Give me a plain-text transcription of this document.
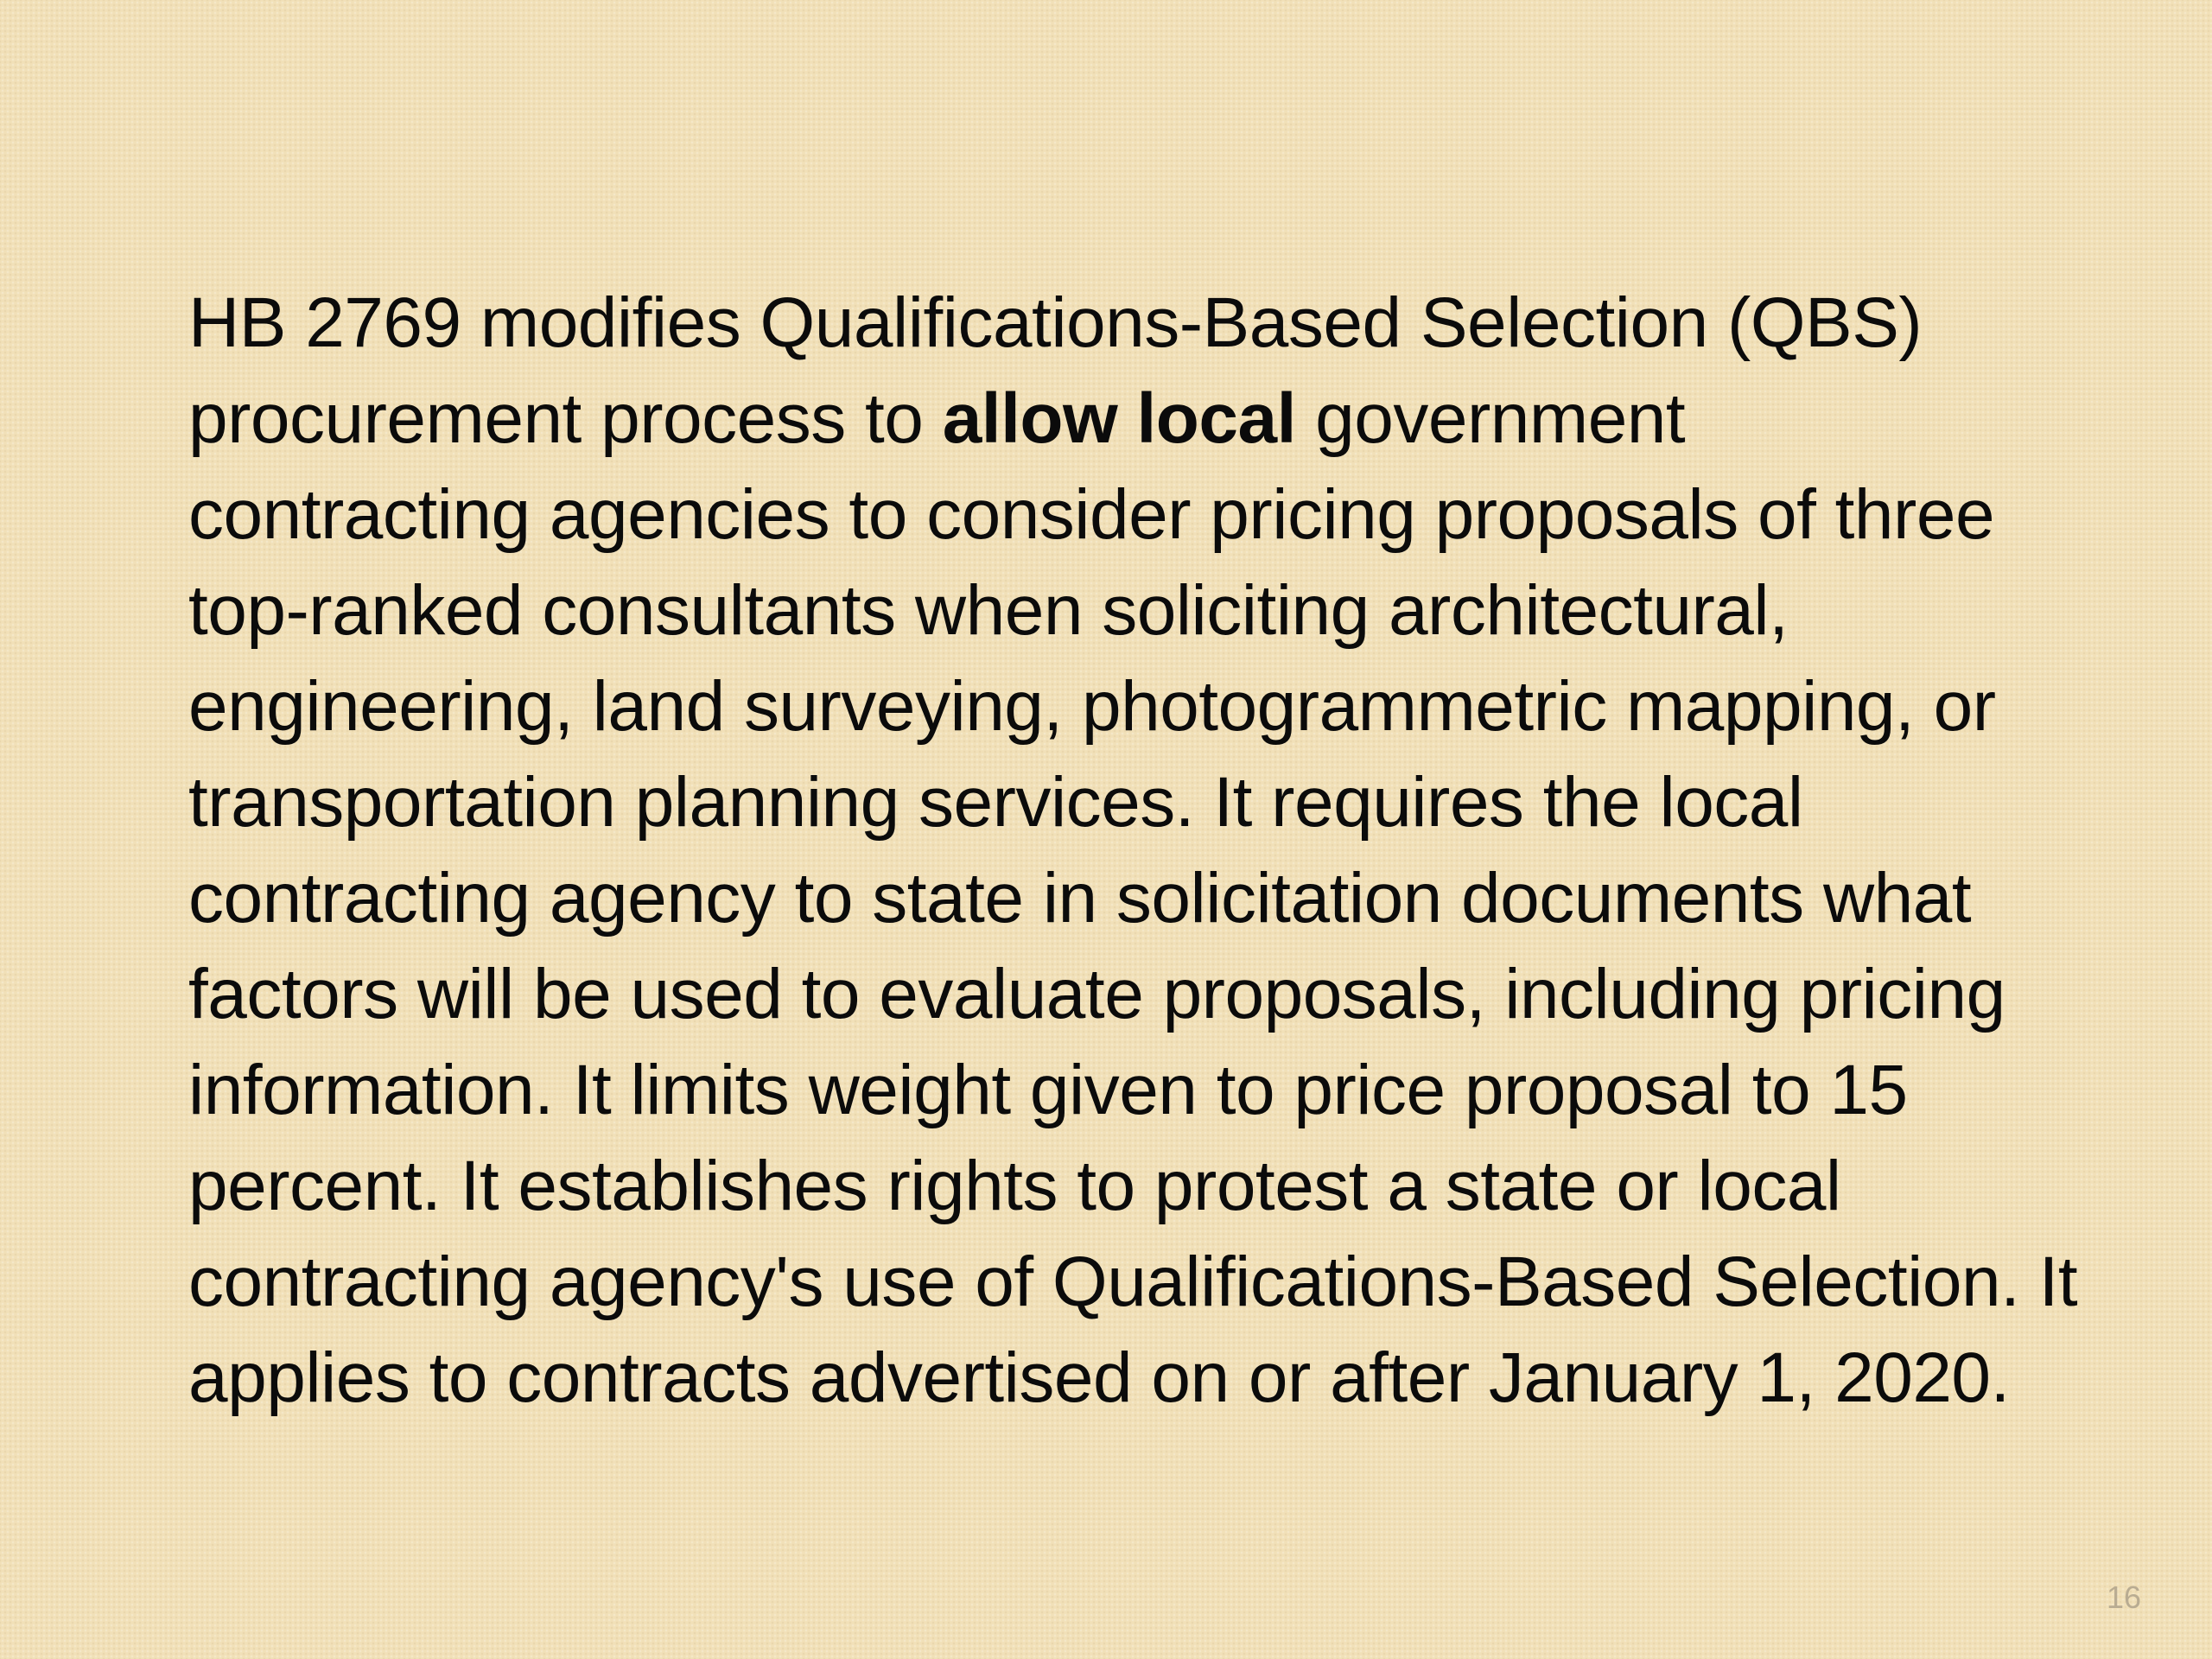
HB 2769 modifies Qualifications-Based Selection (QBS)
procurement process to allow local government
contracting agencies to consider pricing proposals of three
top-ranked consultants when soliciting architectural,
engineering, land surveying, photogrammetric mapping, or
transportation planning services. It requires the local
contracting agency to state in solicitation documents what
factors will be used to evaluate proposals, including pricing
information. It limits weight given to price proposal to 15
percent. It establishes rights to protest a state or local
contracting agency's use of Qualifications-Based Selection. It
applies to contracts advertised on or after January 1, 2020.

16
